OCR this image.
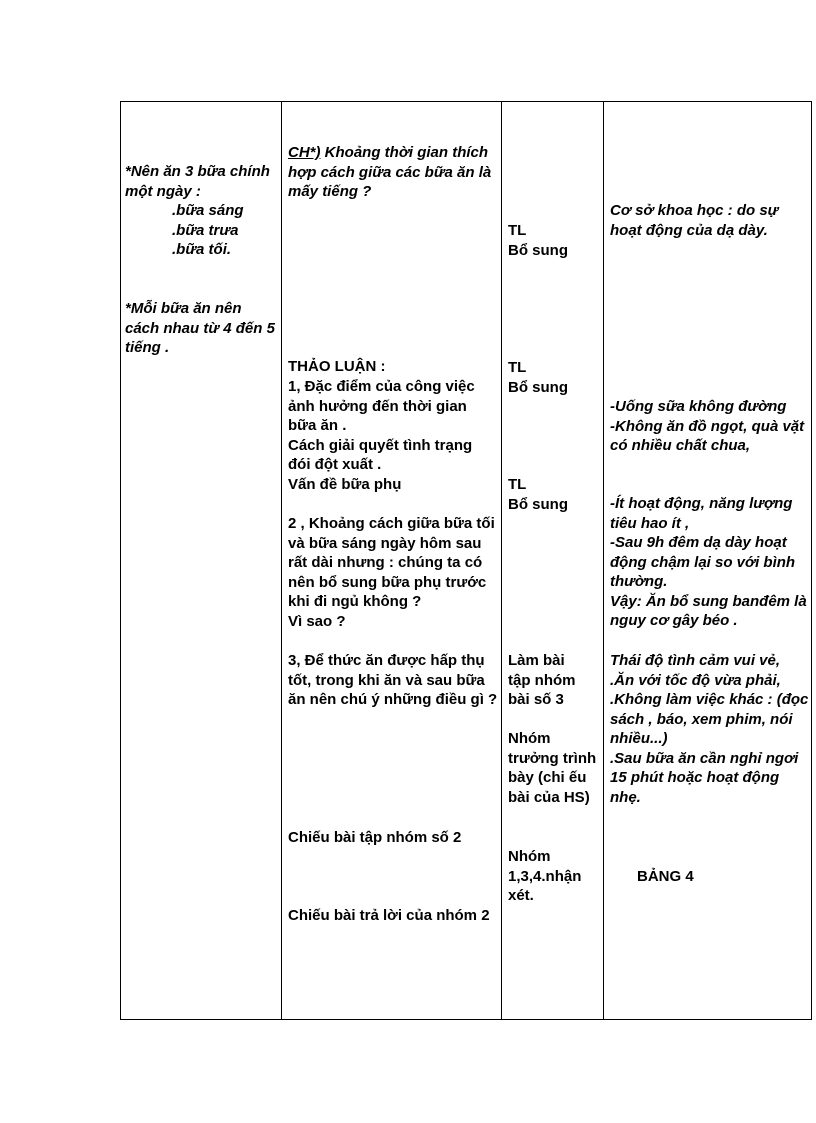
*Nên ăn 3 bữa chính một ngày :

.bữa sáng

.bữa trưa

.bữa tối.

*Mỗi bữa ăn nên cách nhau từ 4 đến 5 tiếng .

CH*) Khoảng thời gian thích hợp cách giữa các bữa ăn là mấy tiếng ?

THẢO LUẬN :

1, Đặc điểm của công việc ảnh hưởng đến thời gian bữa ăn .
Cách giải quyết tình trạng đói đột xuất .
Vấn đề bữa phụ

2 , Khoảng cách giữa bữa tối và bữa sáng ngày hôm sau rất dài nhưng : chúng ta có nên bổ sung bữa phụ trước khi đi ngủ không ?
Vì sao ?

3, Để thức ăn được hấp thụ tốt, trong khi ăn và sau bữa ăn nên chú ý những điều gì ?

Chiếu bài tập nhóm số 2

Chiếu bài trả lời của nhóm 2

TL
Bổ sung

TL
Bổ sung

TL
Bổ sung

Làm bài tập nhóm bài số 3

Nhóm trưởng trình bày (chi ếu bài của HS)

Nhóm 1,3,4.nhận xét.

Cơ sở khoa học : do sự hoạt động của dạ dày.

-Uống sữa không đường
-Không ăn đồ ngọt, quà vặt có nhiều chất chua,

-Ít hoạt động, năng lượng tiêu hao ít ,
-Sau 9h đêm dạ dày hoạt động chậm lại so với bình thường.
Vậy: Ăn bổ sung banđêm là nguy cơ gây béo .

Thái độ tình cảm vui vẻ,
.Ăn với tốc độ vừa phải,
.Không làm việc khác : (đọc sách , báo, xem phim, nói nhiều...)
.Sau bữa ăn cần nghỉ ngơi 15 phút hoặc hoạt động nhẹ.

BẢNG 4
